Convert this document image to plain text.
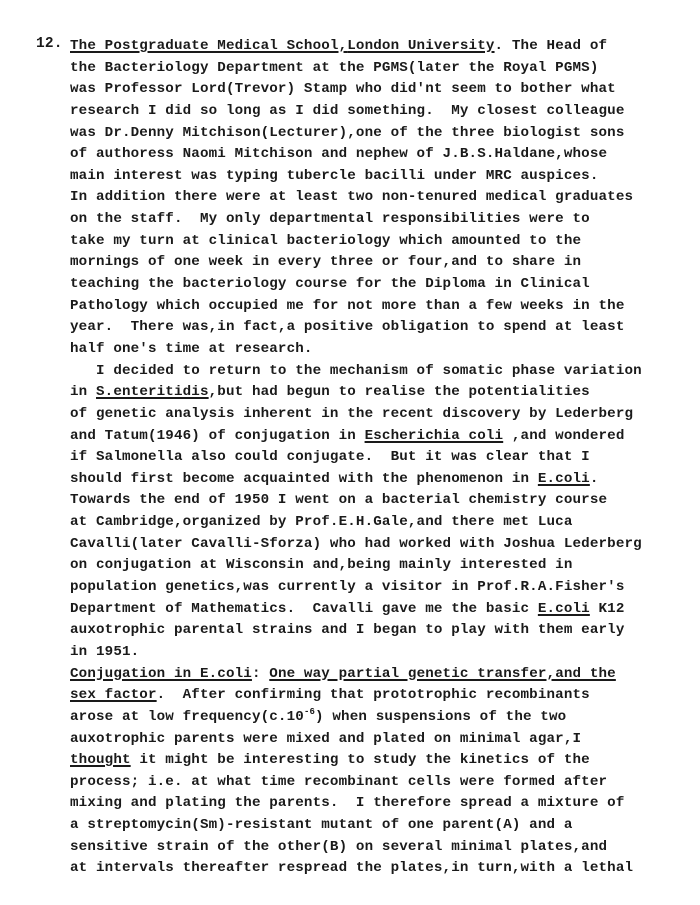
12. The Postgraduate Medical School,London University. The Head of
the Bacteriology Department at the PGMS(later the Royal PGMS)
was Professor Lord(Trevor) Stamp who did'nt seem to bother what
research I did so long as I did something.  My closest colleague
was Dr.Denny Mitchison(Lecturer),one of the three biologist sons
of authoress Naomi Mitchison and nephew of J.B.S.Haldane,whose
main interest was typing tubercle bacilli under MRC auspices.
In addition there were at least two non-tenured medical graduates
on the staff.  My only departmental responsibilities were to
take my turn at clinical bacteriology which amounted to the
mornings of one week in every three or four,and to share in
teaching the bacteriology course for the Diploma in Clinical
Pathology which occupied me for not more than a few weeks in the
year.  There was,in fact,a positive obligation to spend at least
half one's time at research.
I decided to return to the mechanism of somatic phase variation
in S.enteritidis,but had begun to realise the potentialities
of genetic analysis inherent in the recent discovery by Lederberg
and Tatum(1946) of conjugation in Escherichia coli ,and wondered
if Salmonella also could conjugate.  But it was clear that I
should first become acquainted with the phenomenon in E.coli.
Towards the end of 1950 I went on a bacterial chemistry course
at Cambridge,organized by Prof.E.H.Gale,and there met Luca
Cavalli(later Cavalli-Sforza) who had worked with Joshua Lederberg
on conjugation at Wisconsin and,being mainly interested in
population genetics,was currently a visitor in Prof.R.A.Fisher's
Department of Mathematics.  Cavalli gave me the basic E.coli K12
auxotrophic parental strains and I began to play with them early
in 1951.
Conjugation in E.coli: One way partial genetic transfer,and the
sex factor.  After confirming that prototrophic recombinants
arose at low $frequency(c.10^{-6})$ when suspensions of the two
auxotrophic parents were mixed and plated on minimal agar,I
thought it might be interesting to study the kinetics of the
process; i.e. at what time recombinant cells were formed after
mixing and plating the parents.  I therefore spread a mixture of
a streptomycin(Sm)-resistant mutant of one parent(A) and a
sensitive strain of the other(B) on several minimal plates,and
at intervals thereafter respread the plates,in turn,with a lethal
